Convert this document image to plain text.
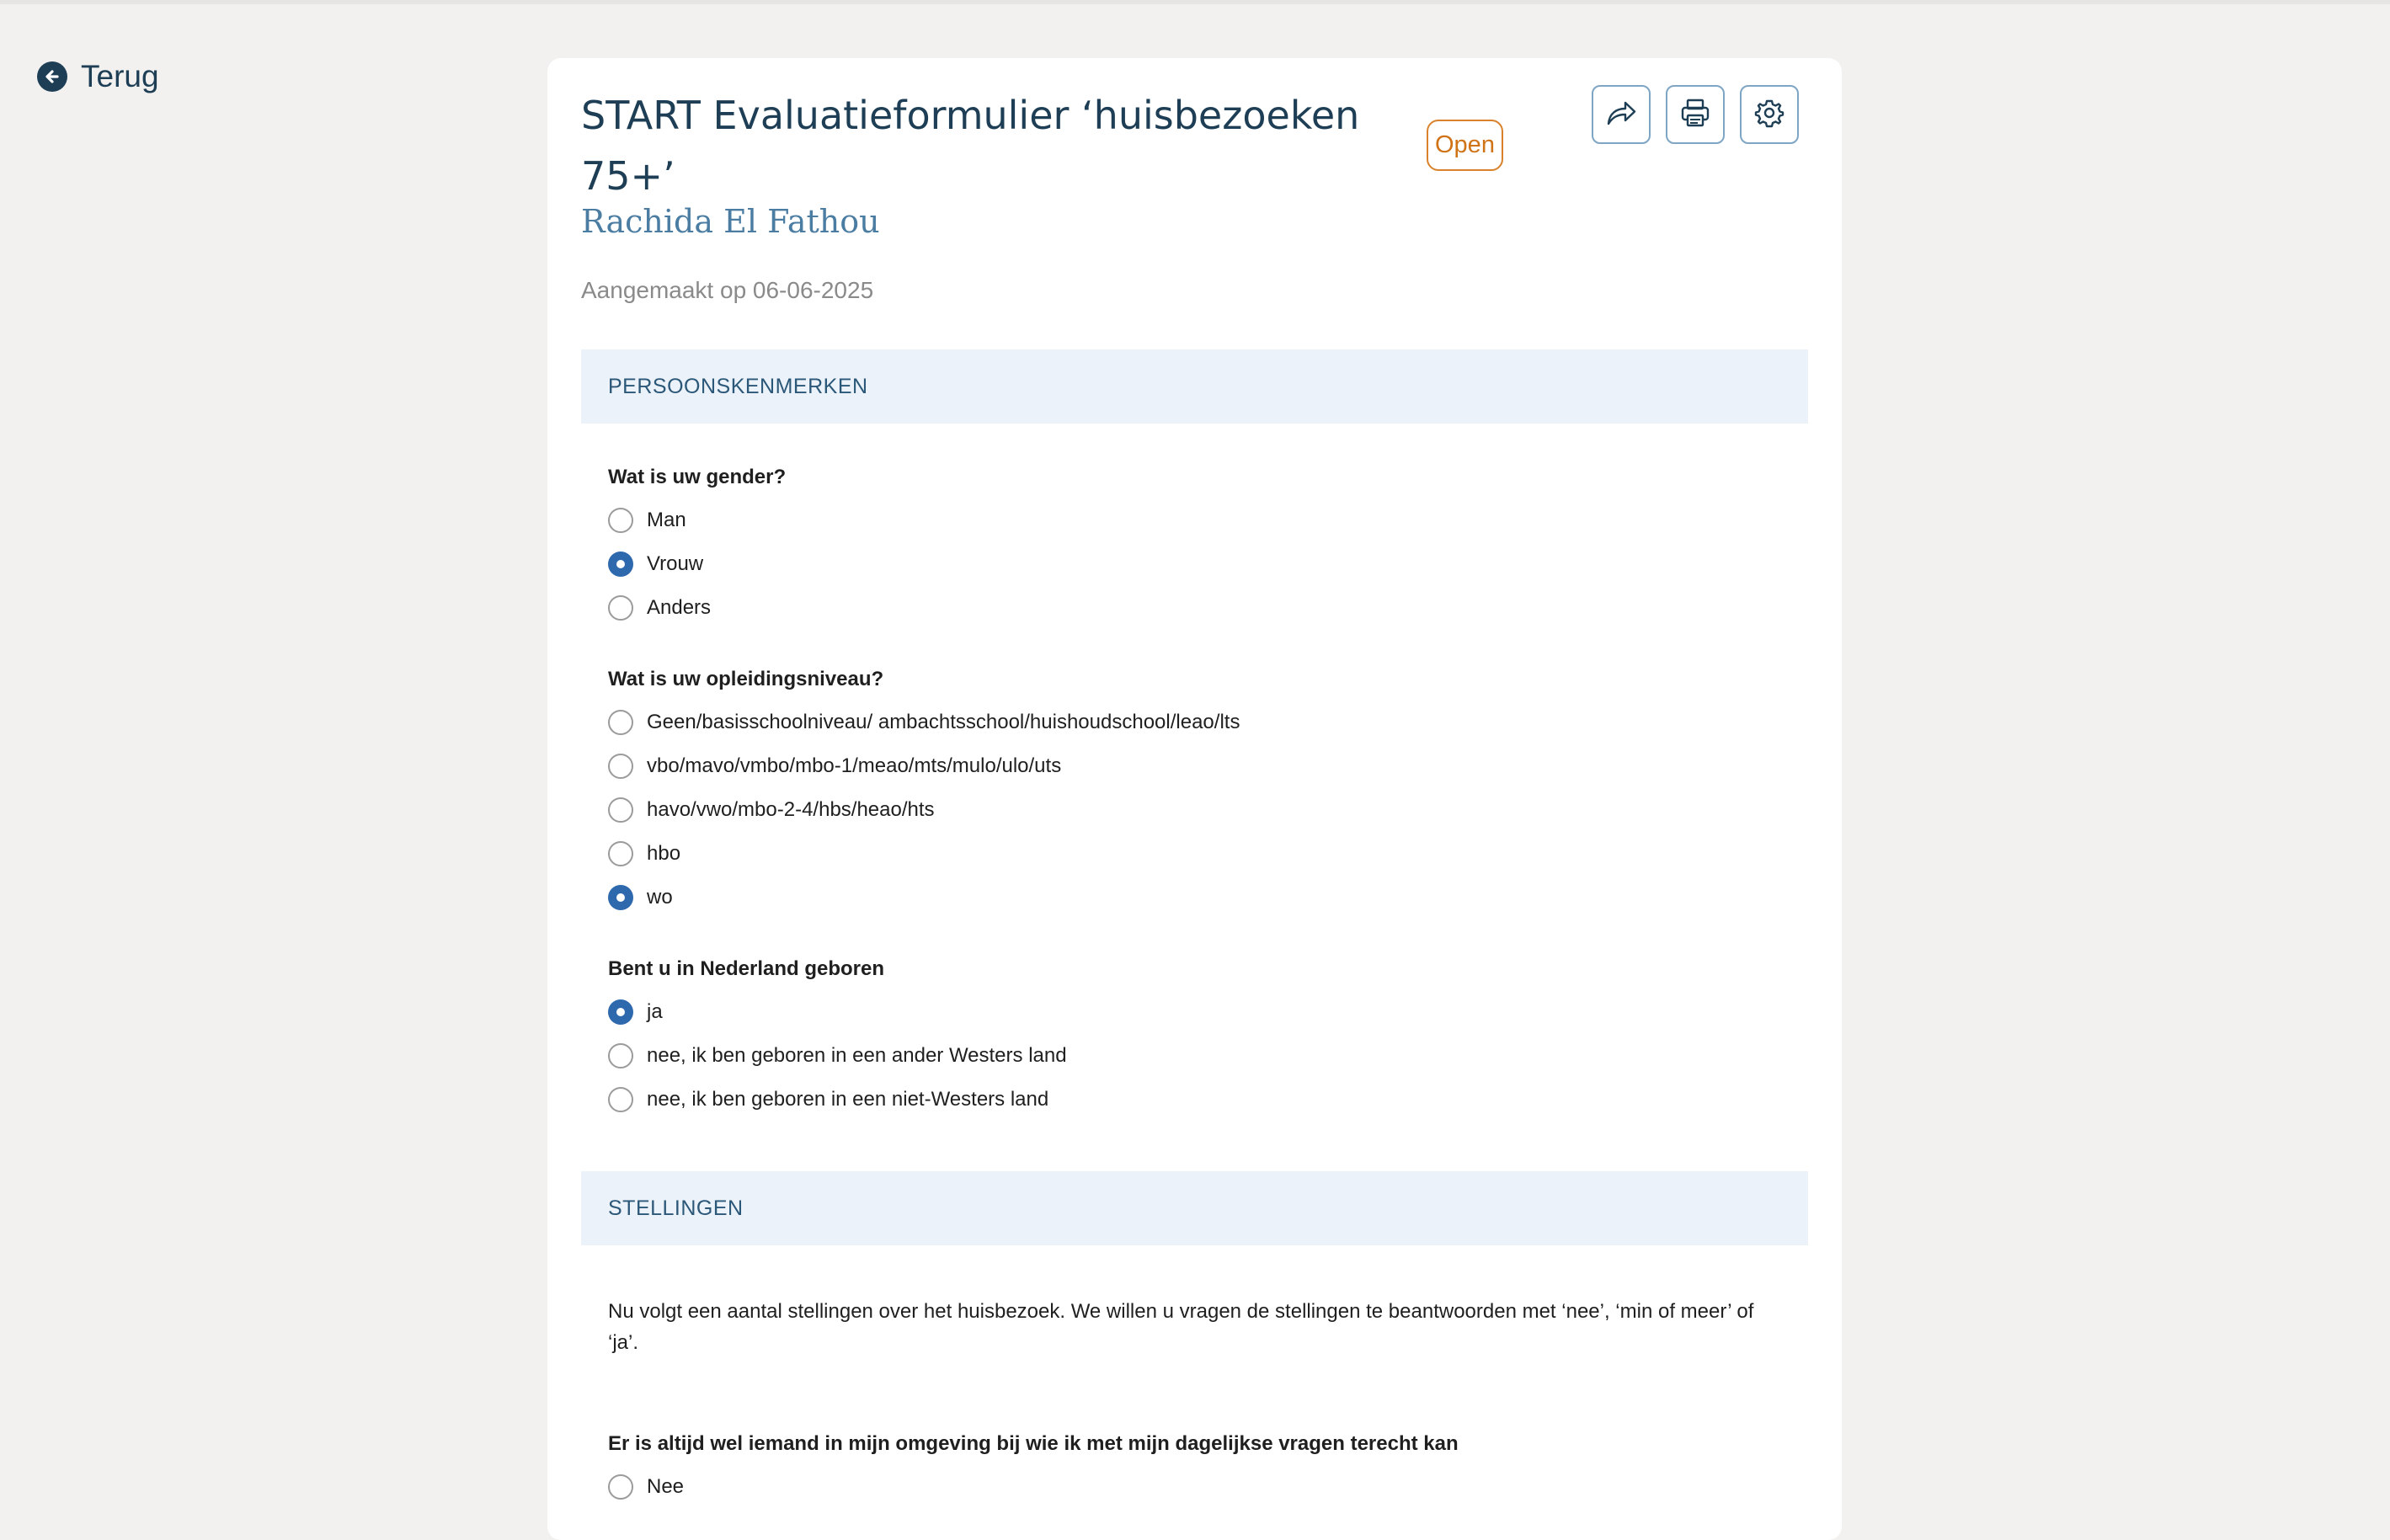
Terug
START Evaluatieformulier ‘huisbezoeken 75+’
Rachida El Fathou
Aangemaakt op 06-06-2025
Open
PERSOONSKENMERKEN
Wat is uw gender?
Man
Vrouw
Anders
Wat is uw opleidingsniveau?
Geen/basisschoolniveau/ ambachtsschool/huishoudschool/leao/lts
vbo/mavo/vmbo/mbo-1/meao/mts/mulo/ulo/uts
havo/vwo/mbo-2-4/hbs/heao/hts
hbo
wo
Bent u in Nederland geboren
ja
nee, ik ben geboren in een ander Westers land
nee, ik ben geboren in een niet-Westers land
STELLINGEN
Nu volgt een aantal stellingen over het huisbezoek. We willen u vragen de stellingen te beantwoorden met ‘nee’, ‘min of meer’ of ‘ja’.
Er is altijd wel iemand in mijn omgeving bij wie ik met mijn dagelijkse vragen terecht kan
Nee
